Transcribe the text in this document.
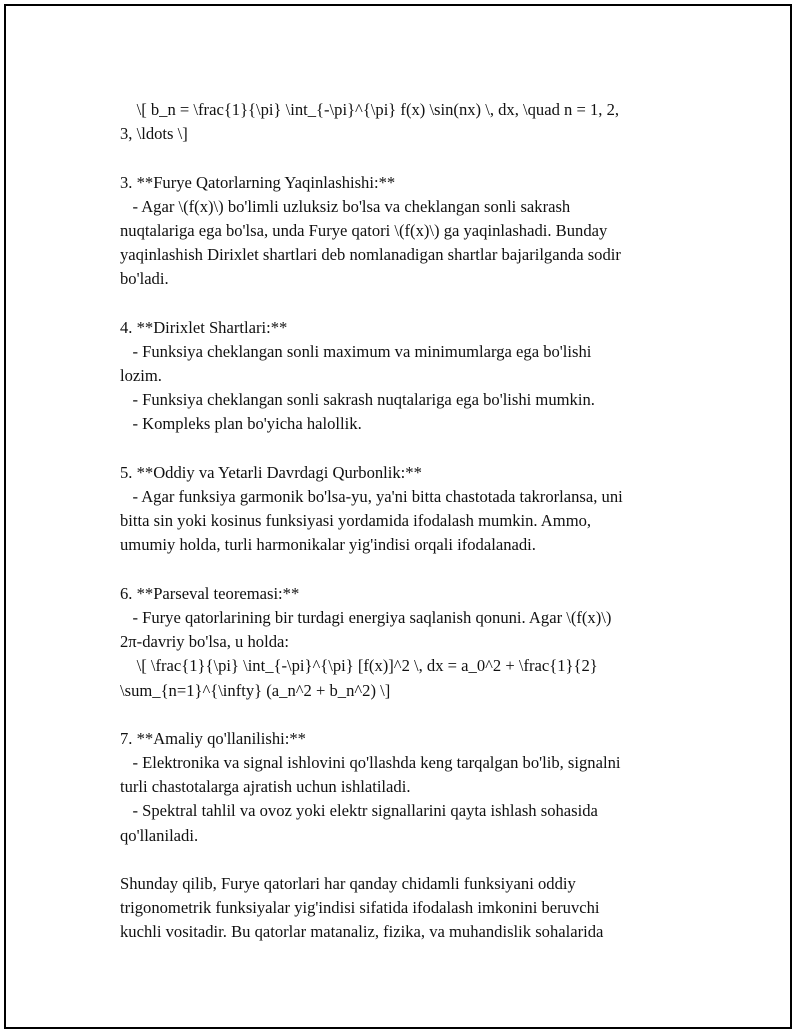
\[ b_n = \frac{1}{\pi} \int_{-\pi}^{\pi} f(x) \sin(nx) \, dx, \quad n = 1, 2,
3, \ldots \]
3. **Furye Qatorlarning Yaqinlashishi:**
- Agar \(f(x)\) bo'limli uzluksiz bo'lsa va cheklangan sonli sakrash
nuqtalariga ega bo'lsa, unda Furye qatori \(f(x)\) ga yaqinlashadi. Bunday
yaqinlashish Dirixlet shartlari deb nomlanadigan shartlar bajarilganda sodir
bo'ladi.
4. **Dirixlet Shartlari:**
- Funksiya cheklangan sonli maximum va minimumlarga ega bo'lishi
lozim.
- Funksiya cheklangan sonli sakrash nuqtalariga ega bo'lishi mumkin.
- Kompleks plan bo'yicha halollik.
5. **Oddiy va Yetarli Davrdagi Qurbonlik:**
- Agar funksiya garmonik bo'lsa-yu, ya'ni bitta chastotada takrorlansa, uni
bitta sin yoki kosinus funksiyasi yordamida ifodalash mumkin. Ammo,
umumiy holda, turli harmonikalar yig'indisi orqali ifodalanadi.
6. **Parseval teoremasi:**
- Furye qatorlarining bir turdagi energiya saqlanish qonuni. Agar \(f(x)\)
2π-davriy bo'lsa, u holda:
\[ \frac{1}{\pi} \int_{-\pi}^{\pi} [f(x)]^2 \, dx = a_0^2 + \frac{1}{2}
\sum_{n=1}^{\infty} (a_n^2 + b_n^2) \]
7. **Amaliy qo'llanilishi:**
- Elektronika va signal ishlovini qo'llashda keng tarqalgan bo'lib, signalni
turli chastotalarga ajratish uchun ishlatiladi.
- Spektral tahlil va ovoz yoki elektr signallarini qayta ishlash sohasida
qo'llaniladi.
Shunday qilib, Furye qatorlari har qanday chidamli funksiyani oddiy
trigonometrik funksiyalar yig'indisi sifatida ifodalash imkonini beruvchi
kuchli vositadir. Bu qatorlar matanaliz, fizika, va muhandislik sohalarida
